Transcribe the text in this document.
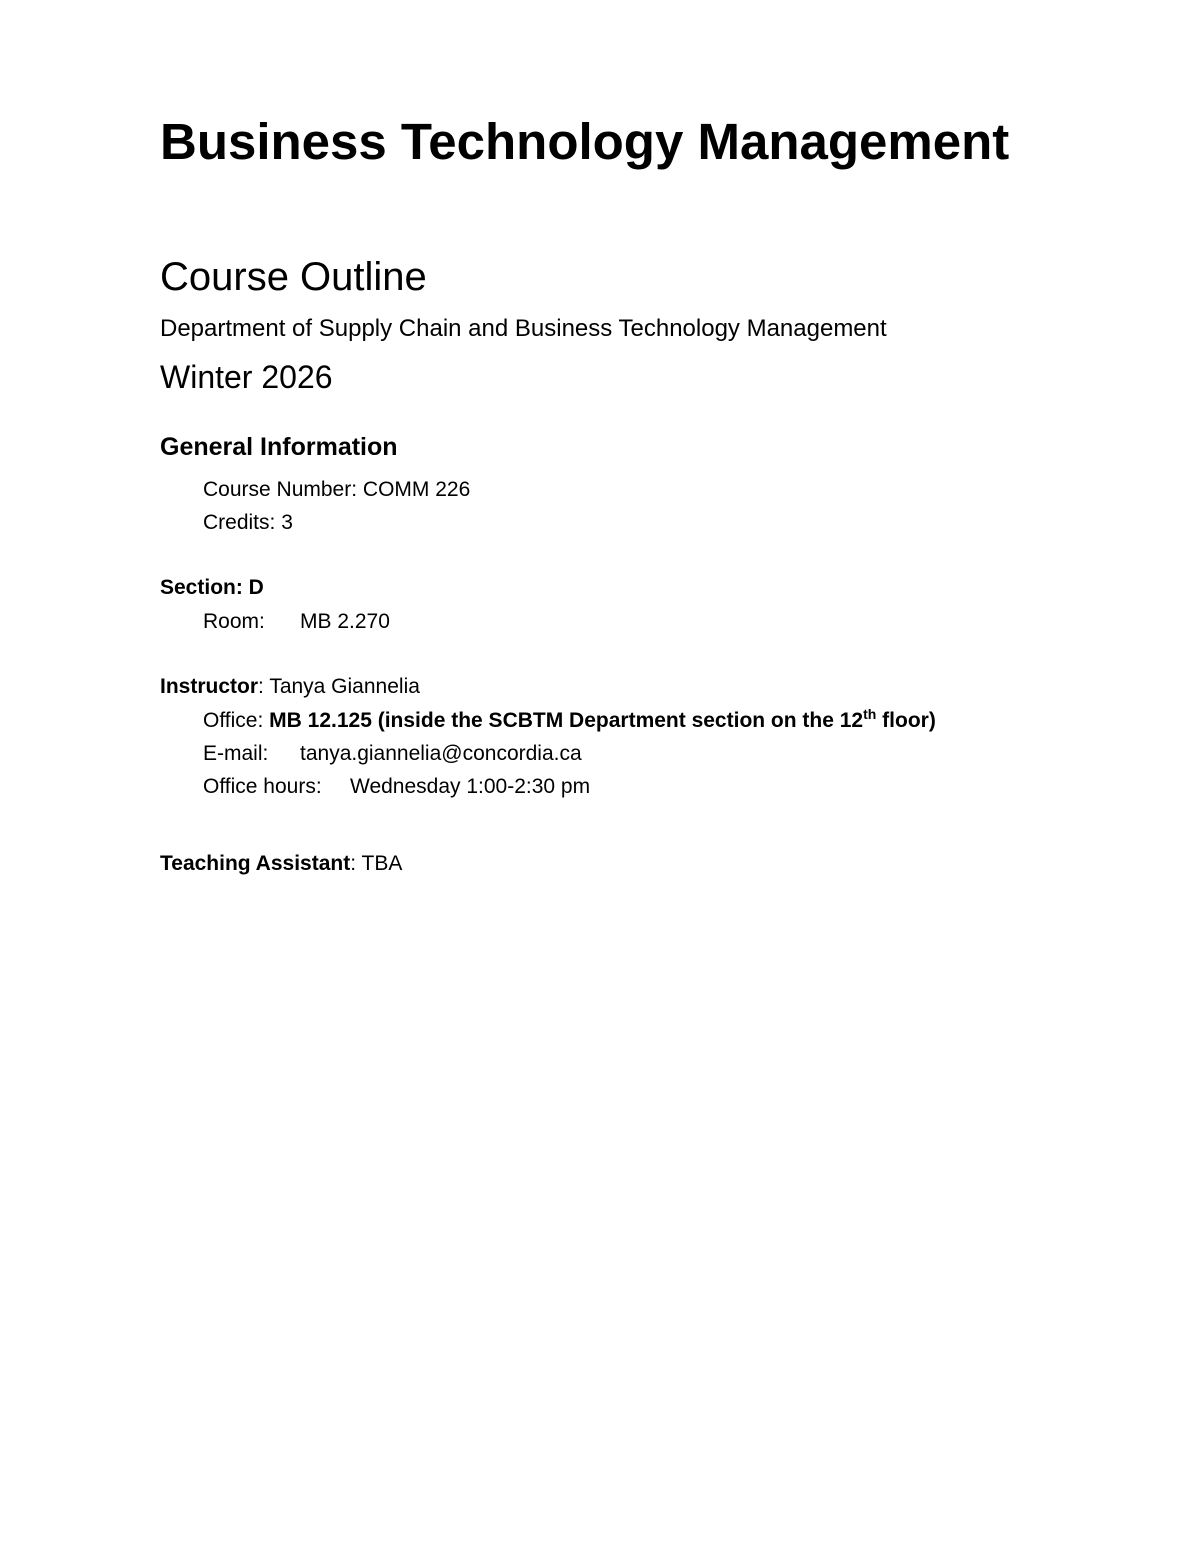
Business Technology Management
Course Outline
Department of Supply Chain and Business Technology Management
Winter 2026
General Information
Course Number: COMM 226
Credits: 3
Section: D
Room: MB 2.270
Instructor: Tanya Giannelia
Office: MB 12.125 (inside the SCBTM Department section on the 12th floor)
E-mail: tanya.giannelia@concordia.ca
Office hours: Wednesday 1:00-2:30 pm
Teaching Assistant: TBA
